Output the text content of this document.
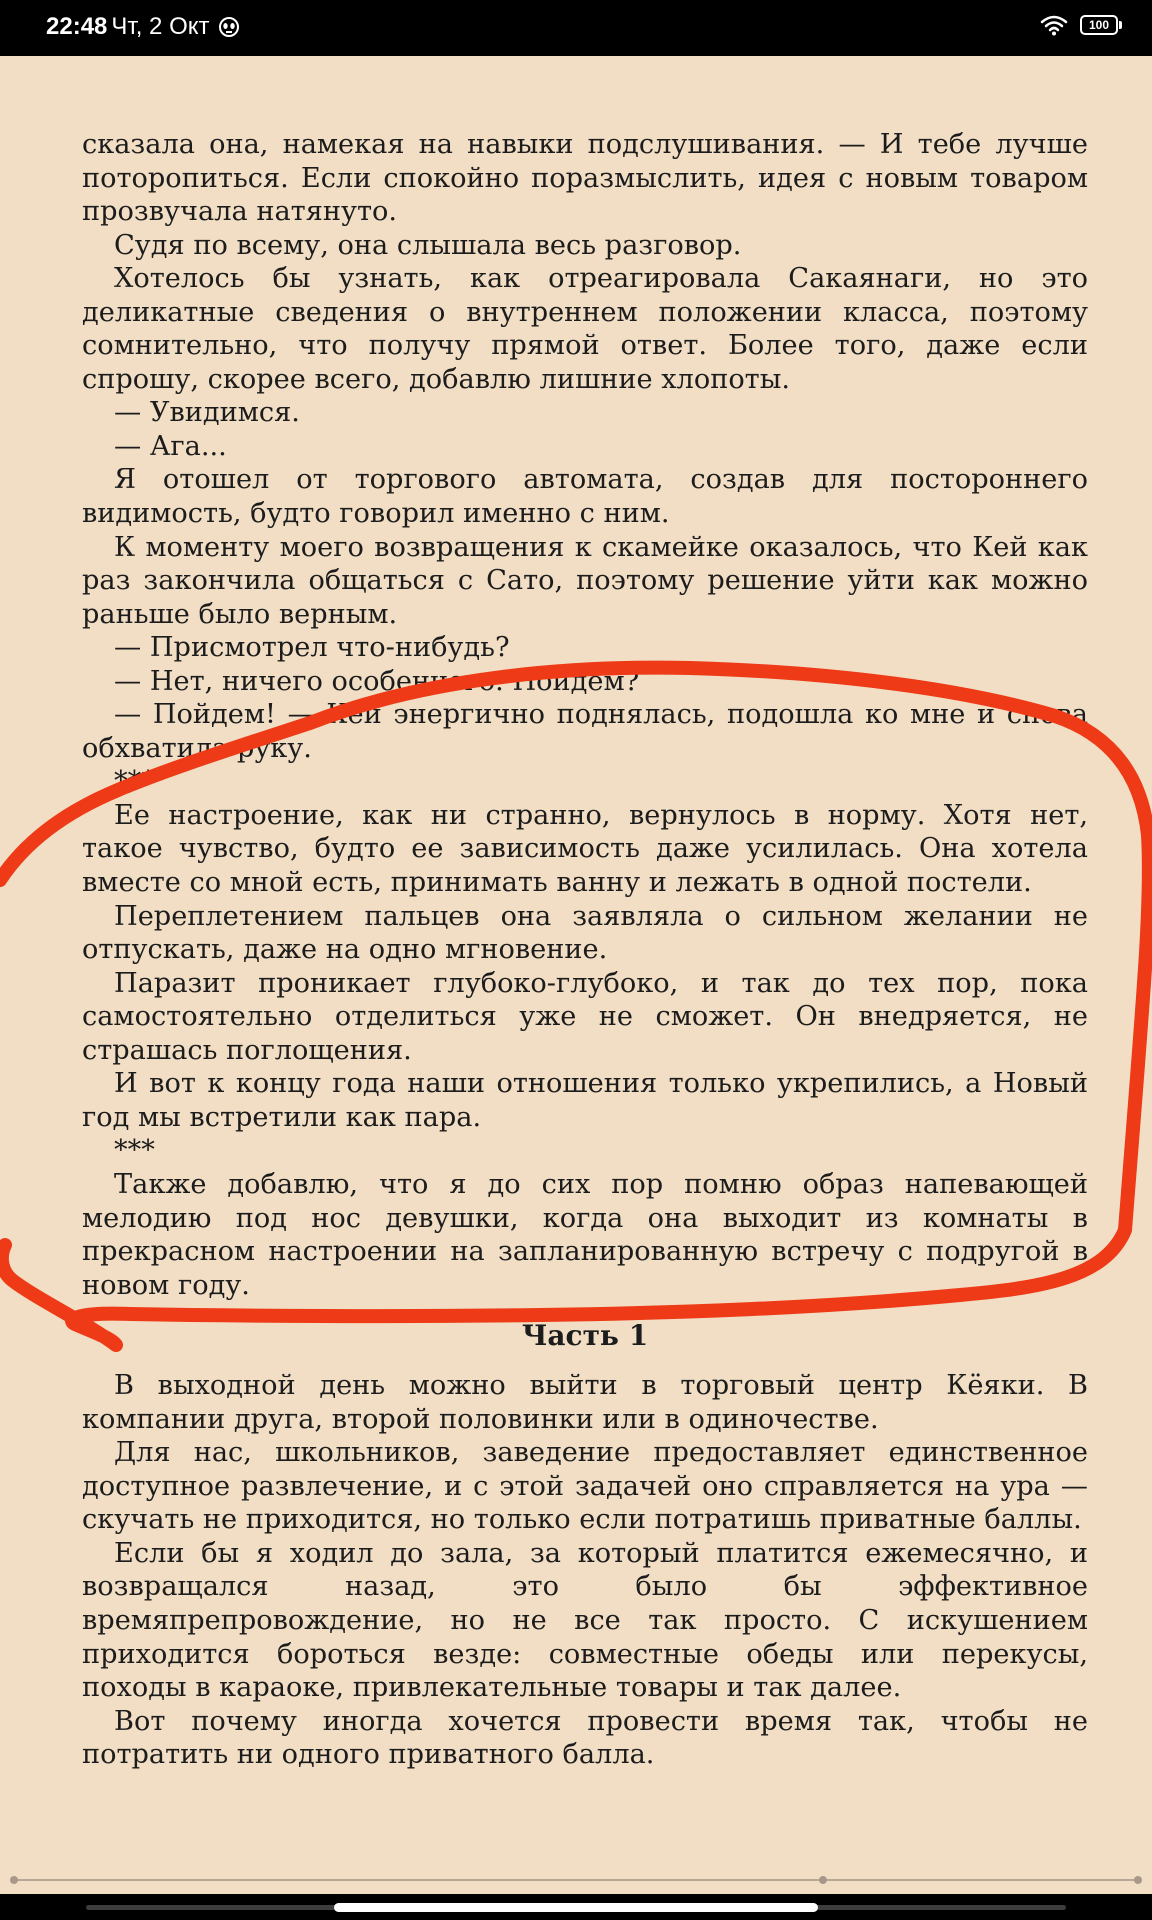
22:48 Чт, 2 Окт	100

сказала она, намекая на навыки подслушивания. — И тебе лучше поторопиться. Если спокойно поразмыслить, идея с новым товаром прозвучала натянуто.

Судя по всему, она слышала весь разговор.

Хотелось бы узнать, как отреагировала Сакаянаги, но это деликатные сведения о внутреннем положении класса, поэтому сомнительно, что получу прямой ответ. Более того, даже если спрошу, скорее всего, добавлю лишние хлопоты.

— Увидимся.

— Ага...

Я отошел от торгового автомата, создав для постороннего видимость, будто говорил именно с ним.

К моменту моего возвращения к скамейке оказалось, что Кей как раз закончила общаться с Сато, поэтому решение уйти как можно раньше было верным.

— Присмотрел что-нибудь?

— Нет, ничего особенного. Пойдем?

— Пойдем! — Кей энергично поднялась, подошла ко мне и снова обхватила руку.

***

Ее настроение, как ни странно, вернулось в норму. Хотя нет, такое чувство, будто ее зависимость даже усилилась. Она хотела вместе со мной есть, принимать ванну и лежать в одной постели.

Переплетением пальцев она заявляла о сильном желании не отпускать, даже на одно мгновение.

Паразит проникает глубоко-глубоко, и так до тех пор, пока самостоятельно отделиться уже не сможет. Он внедряется, не страшась поглощения.

И вот к концу года наши отношения только укрепились, а Новый год мы встретили как пара.

***

Также добавлю, что я до сих пор помню образ напевающей мелодию под нос девушки, когда она выходит из комнаты в прекрасном настроении на запланированную встречу с подругой в новом году.

Часть 1

В выходной день можно выйти в торговый центр Кёяки. В компании друга, второй половинки или в одиночестве.

Для нас, школьников, заведение предоставляет единственное доступное развлечение, и с этой задачей оно справляется на ура — скучать не приходится, но только если потратишь приватные баллы.

Если бы я ходил до зала, за который платится ежемесячно, и возвращался назад, это было бы эффективное времяпрепровождение, но не все так просто. С искушением приходится бороться везде: совместные обеды или перекусы, походы в караоке, привлекательные товары и так далее.

Вот почему иногда хочется провести время так, чтобы не потратить ни одного приватного балла.
